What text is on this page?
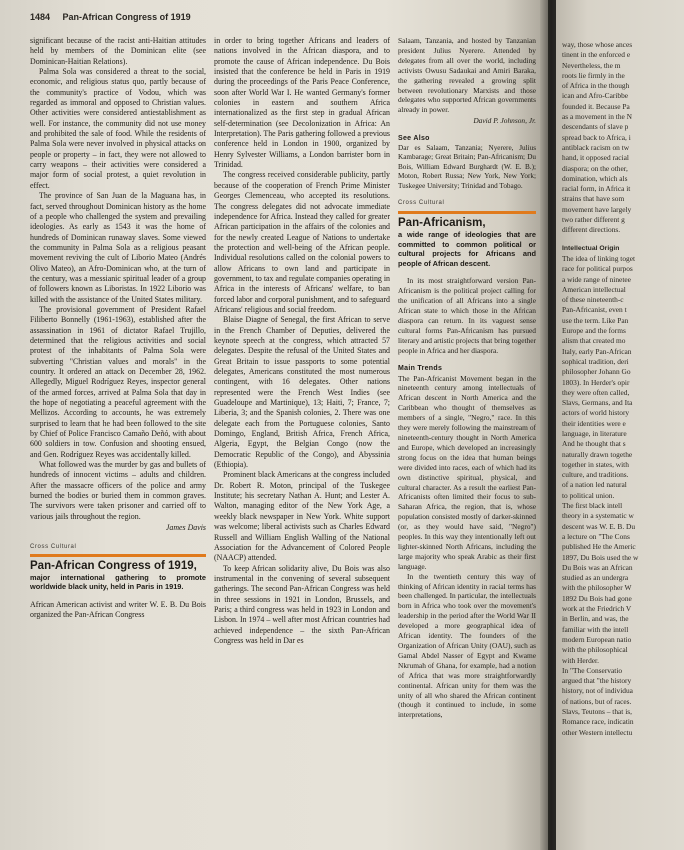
1484 Pan-African Congress of 1919

significant because of the racist anti-Haitian attitudes held by members of the Dominican elite (see Dominican-Haitian Relations).

Palma Sola was considered a threat to the social, economic, and religious status quo, partly because of the community's practice of Vodou, which was regarded as immoral and opposed to Christian values. Other activities were considered antiestablishment as well. For instance, the community did not use money and prohibited the sale of food. While the residents of Palma Sola were never involved in physical attacks on people or property – in fact, they were not allowed to carry weapons – their activities were considered a major form of social protest, a quiet revolution in effect.

The province of San Juan de la Maguana has, in fact, served throughout Dominican history as the home of a people who challenged the system and prevailing ideologies. As early as 1543 it was the home of hundreds of Dominican runaway slaves. Some viewed the community in Palma Sola as a religious peasant movement reviving the cult of Liborio Mateo (Andrés Olivo Mateo), an Afro-Dominican who, at the turn of the century, was a messianic spiritual leader of a group of followers known as Liboristas. In 1922 Liborio was killed with the assistance of the United States military.

The provisional government of President Rafael Filiberto Bonnelly (1961-1963), established after the assassination in 1961 of dictator Rafael Trujillo, determined that the religious activities and social protest of the inhabitants of Palma Sola were subverting "Christian values and morals" in the country. It ordered an attack on December 28, 1962. Allegedly, Miguel Rodríguez Reyes, inspector general of the armed forces, arrived at Palma Sola that day in the hope of negotiating a peaceful agreement with the Mellizos. According to accounts, he was extremely surprised to learn that he had been followed to the site by Chief of Police Francisco Camaño Deñó, with about 600 soldiers in tow. Confusion and shooting ensued, and Gen. Rodríguez Reyes was accidentally killed.

What followed was the murder by gas and bullets of hundreds of innocent victims – adults and children. After the massacre officers of the police and army burned the bodies or buried them in common graves. The survivors were taken prisoner and carried off to various jails throughout the region.

James Davis
Cross Cultural
Pan-African Congress of 1919,
major international gathering to promote worldwide black unity, held in Paris in 1919.

African American activist and writer W. E. B. Du Bois organized the Pan-African Congress

in order to bring together Africans and leaders of nations involved in the African diaspora, and to promote the cause of African independence. Du Bois insisted that the conference be held in Paris in 1919 during the proceedings of the Paris Peace Conference, soon after World War I. He wanted Germany's former colonies in eastern and southern Africa internationalized as the first step in gradual African self-determination (see Decolonization in Africa: An Interpretation). The Paris gathering followed a previous conference held in London in 1900, organized by Henry Sylvester Williams, a London barrister born in Trinidad.

The congress received considerable publicity, partly because of the cooperation of French Prime Minister Georges Clemenceau, who accepted its resolutions. The congress delegates did not advocate immediate independence for Africa. Instead they called for greater African participation in the affairs of the colonies and for the newly created League of Nations to undertake the protection and well-being of the African people. Individual resolutions called on the colonial powers to allow Africans to own land and participate in government, to tax and regulate companies operating in Africa in the interests of Africans' welfare, to ban forced labor and corporal punishment, and to safeguard Africans' religious and social freedom.

Blaise Diagne of Senegal, the first African to serve in the French Chamber of Deputies, delivered the keynote speech at the congress, which attracted 57 delegates. Despite the refusal of the United States and Great Britain to issue passports to some potential delegates, Americans constituted the most numerous contingent, with 16 delegates. Other nations represented were the French West Indies (see Guadeloupe and Martinique), 13; Haiti, 7; France, 7; Liberia, 3; and the Spanish colonies, 2. There was one delegate each from the Portuguese colonies, Santo Domingo, England, British Africa, French Africa, Algeria, Egypt, the Belgian Congo (now the Democratic Republic of the Congo), and Abyssinia (Ethiopia).

Prominent black Americans at the congress included Dr. Robert R. Moton, principal of the Tuskegee Institute; his secretary Nathan A. Hunt; and Lester A. Walton, managing editor of the New York Age, a weekly black newspaper in New York. White support was welcome; liberal activists such as Charles Edward Russell and William English Walling of the National Association for the Advancement of Colored People (NAACP) attended.

To keep African solidarity alive, Du Bois was also instrumental in the convening of several subsequent gatherings. The second Pan-African Congress was held in three sessions in 1921 in London, Brussels, and Paris; a third congress was held in 1923 in London and Lisbon. In 1974 – well after most African countries had achieved independence – the sixth Pan-African Congress was held in Dar es

Salaam, Tanzania, and hosted by Tanzanian president Julius Nyerere. Attended by delegates from all over the world, including activists Owusu Sadaukai and Amiri Baraka, the gathering revealed a growing split between revolutionary Marxists and those delegates who supported African governments already in power.

David P. Johnson, Jr.
See Also

Dar es Salaam, Tanzania; Nyerere, Julius Kambarage; Great Britain; Pan-Africanism; Du Bois, William Edward Burghardt (W. E. B.); Moton, Robert Russa; New York, New York; Tuskegee University; Trinidad and Tobago.

Cross Cultural
Pan-Africanism,
a wide range of ideologies that are committed to common political or cultural projects for Africans and people of African descent.

In its most straightforward version Pan-Africanism is the political project calling for the unification of all Africans into a single African state to which those in the African diaspora can return. In its vaguest sense cultural forms Pan-Africanism has pursued literary and artistic projects that bring together people in Africa and her diaspora.

Main Trends

The Pan-Africanist Movement began in the nineteenth century among intellectuals of African descent in North America and the Caribbean who thought of themselves as members of a single, "Negro," race. In this they were merely following the mainstream of nineteenth-century thought in North America and Europe, which developed an increasingly strong focus on the idea that human beings were divided into races, each of which had its own distinctive spiritual, physical, and cultural character. As a result the earliest Pan-Africanists often limited their focus to sub-Saharan Africa, the region, that is, whose population consisted mostly of darker-skinned (or, as they would have said, "Negro") peoples. In this way they intentionally left out lighter-skinned North Africans, including the large majority who speak Arabic as their first language.

In the twentieth century this way of thinking of African identity in racial terms has been challenged. In particular, the intellectuals born in Africa who took over the movement's leadership in the period after the World War II developed a more geographical idea of African identity. The founders of the Organization of African Unity (OAU), such as Gamal Abdel Nasser of Egypt and Kwame Nkrumah of Ghana, for example, had a notion of Africa that was more straightforwardly continental. African unity for them was the unity of all who shared the African continent (though it continued to include, in some interpretations,

way, those whose ances
tinent in the enforced e
Nevertheless, the m
roots lie firmly in the
of Africa in the though
ican and Afro-Caribbe
founded it. Because Pa
as a movement in the N
descendants of slave p
spread back to Africa, i
antiblack racism on tw
hand, it opposed racial
diaspora; on the other,
domination, which als
racial form, in Africa it
strains that have som
movement have largely
two rather different g
different directions.
Intellectual Origin
The idea of linking toget
race for political purpos
a wide range of ninetee
American intellectual
of these nineteenth-c
Pan-Africanist, even t
use the term. Like Pan
Europe and the forms
alism that created mo
Italy, early Pan-African
sophical tradition, deri
philosopher Johann Go
1803). In Herder's opir
they were often called,
Slavs, Germans, and Ita
actors of world history
their identities were e
language, in literature
And he thought that s
naturally drawn togethe
together in states, with
culture, and traditions.
of a nation led natural
to political union.
The first black intell
theory in a systematic w
descent was W. E. B. Du
a lecture on "The Cons
published He the Americ
1897, Du Bois used the w
Du Bois was an African
studied as an undergra
with the philosopher W
1892 Du Bois had gone
work at the Friedrich V
in Berlin, and was, the
familiar with the intell
modern European natio
with the philosophical
with Herder.
In "The Conservatio
argued that "the history
history, not of individua
of nations, but of races.
Slavs, Teutons – that is,
Romance race, indicatin
other Western intellectu
